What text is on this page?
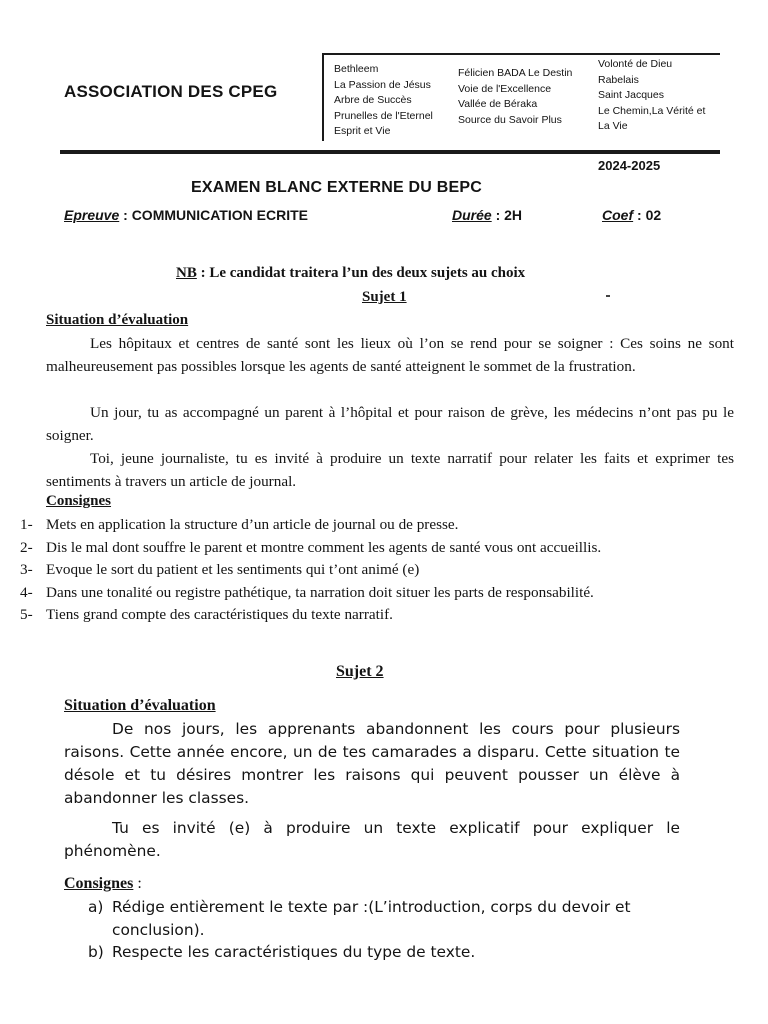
ASSOCIATION DES CPEG
Bethleem
La Passion de Jésus
Arbre de Succès
Prunelles de l'Eternel
Esprit et Vie
Félicien BADA Le Destin
Voie de l'Excellence
Vallée de Béraka
Source du Savoir Plus
Volonté de Dieu
Rabelais
Saint Jacques
Le Chemin,La Vérité et
La Vie
2024-2025
EXAMEN BLANC EXTERNE DU BEPC
Epreuve : COMMUNICATION ECRITE	Durée : 2H	Coef : 02
NB : Le candidat traitera l’un des deux sujets au choix
Sujet 1
Situation d’évaluation

Les hôpitaux et centres de santé sont les lieux où l’on se rend pour se soigner : Ces soins ne sont malheureusement pas possibles lorsque les agents de santé atteignent le sommet de la frustration.

Un jour, tu as accompagné un parent à l’hôpital et pour raison de grève, les médecins n’ont pas pu le soigner.

Toi, jeune journaliste, tu es invité à produire un texte narratif pour relater les faits et exprimer tes sentiments à travers un article de journal.

Consignes
1- Mets en application la structure d’un article de journal ou de presse.
2- Dis le mal dont souffre le parent et montre comment les agents de santé vous ont accueillis.
3- Evoque le sort du patient et les sentiments qui t’ont animé (e)
4- Dans une tonalité ou registre pathétique, ta narration doit situer les parts de responsabilité.
5- Tiens grand compte des caractéristiques du texte narratif.
Sujet 2
Situation d’évaluation

De nos jours, les apprenants abandonnent les cours pour plusieurs raisons. Cette année encore, un de tes camarades a disparu. Cette situation te désole et tu désires montrer les raisons qui peuvent pousser un élève à abandonner les classes.

Tu es invité (e) à produire un texte explicatif pour expliquer le phénomène.

Consignes :
a) Rédige entièrement le texte par :(L’introduction, corps du devoir et conclusion).
b) Respecte les caractéristiques du type de texte.
